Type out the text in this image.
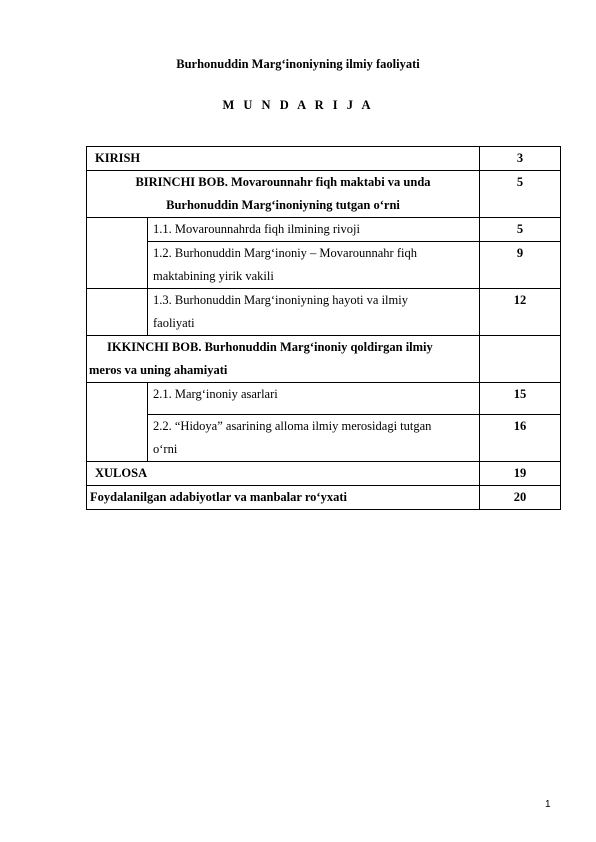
Burhonuddin Marg‘inoniyning ilmiy faoliyati
M U N D A R I J A
KIRISH		3

BIRINCHI BOB. Movarounnahr fiqh maktabi va unda
Burhonuddin Marg‘inoniyning tutgan o‘rni		5
	1.1. Movarounnahrda fiqh ilmining rivoji	5

	1.2. Burhonuddin Marg‘inoniy – Movarounnahr fiqh
maktabining yirik vakili	9

	1.3. Burhonuddin Marg‘inoniyning hayoti va ilmiy
faoliyati	12

IKKINCHI BOB. Burhonuddin Marg‘inoniy qoldirgan ilmiy
meros va uning ahamiyati		

	2.1. Marg‘inoniy asarlari	15

	2.2. “Hidoya” asarining alloma ilmiy merosidagi tutgan
o‘rni	16
XULOSA		19
Foydalanilgan adabiyotlar va manbalar ro‘yxati		20
1
